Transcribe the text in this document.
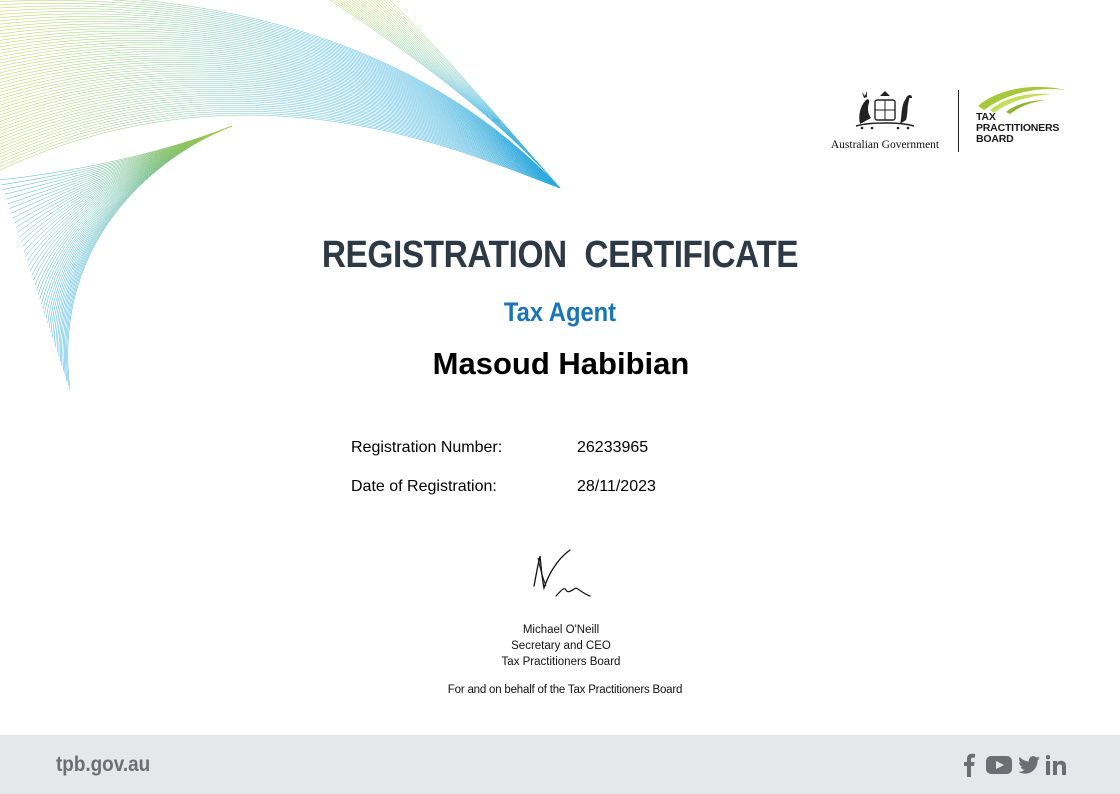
Australian Government
TAX
PRACTITIONERS
BOARD
REGISTRATION  CERTIFICATE
Tax Agent
Masoud Habibian
Registration Number:	26233965
Date of Registration:	28/11/2023
Michael O'Neill
Secretary and CEO
Tax Practitioners Board
For and on behalf of the Tax Practitioners Board
tpb.gov.au
